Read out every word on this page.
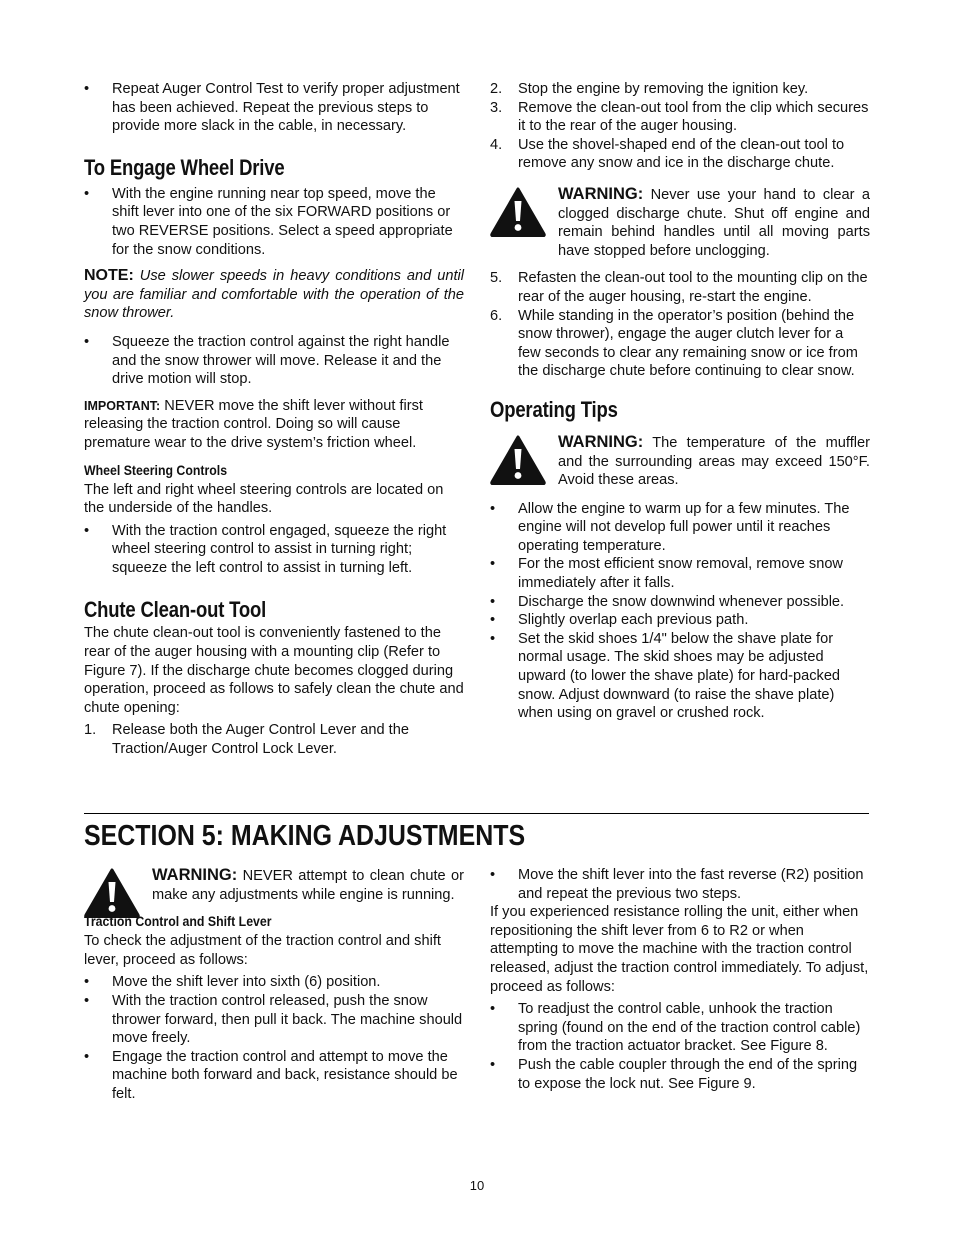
• Repeat Auger Control Test to verify proper adjustment has been achieved. Repeat the previous steps to provide more slack in the cable, in necessary.
To Engage Wheel Drive
• With the engine running near top speed, move the shift lever into one of the six FORWARD positions or two REVERSE positions. Select a speed appropriate for the snow conditions.

NOTE: Use slower speeds in heavy conditions and until you are familiar and comfortable with the operation of the snow thrower.

• Squeeze the traction control against the right handle and the snow thrower will move. Release it and the drive motion will stop.

IMPORTANT: NEVER move the shift lever without first releasing the traction control. Doing so will cause premature wear to the drive system’s friction wheel.

Wheel Steering Controls

The left and right wheel steering controls are located on the underside of the handles.

• With the traction control engaged, squeeze the right wheel steering control to assist in turning right; squeeze the left control to assist in turning left.
Chute Clean-out Tool

The chute clean-out tool is conveniently fastened to the rear of the auger housing with a mounting clip (Refer to Figure 7). If the discharge chute becomes clogged during operation, proceed as follows to safely clean the chute and chute opening:

1. Release both the Auger Control Lever and the Traction/Auger Control Lock Lever.
2. Stop the engine by removing the ignition key.
3. Remove the clean-out tool from the clip which secures it to the rear of the auger housing.
4. Use the shovel-shaped end of the clean-out tool to remove any snow and ice in the discharge chute.
WARNING: Never use your hand to clear a clogged discharge chute. Shut off engine and remain behind handles until all moving parts have stopped before unclogging.
5. Refasten the clean-out tool to the mounting clip on the rear of the auger housing, re-start the engine.
6. While standing in the operator’s position (behind the snow thrower), engage the auger clutch lever for a few seconds to clear any remaining snow or ice from the discharge chute before continuing to clear snow.
Operating Tips
WARNING: The temperature of the muffler and the surrounding areas may exceed 150°F. Avoid these areas.
• Allow the engine to warm up for a few minutes. The engine will not develop full power until it reaches operating temperature.
• For the most efficient snow removal, remove snow immediately after it falls.
• Discharge the snow downwind whenever possible.
• Slightly overlap each previous path.
• Set the skid shoes 1/4" below the shave plate for normal usage. The skid shoes may be adjusted upward (to lower the shave plate) for hard-packed snow. Adjust downward (to raise the shave plate) when using on gravel or crushed rock.
SECTION 5: MAKING ADJUSTMENTS
WARNING: NEVER attempt to clean chute or make any adjustments while engine is running.
Traction Control and Shift Lever

To check the adjustment of the traction control and shift lever, proceed as follows:

• Move the shift lever into sixth (6) position.
• With the traction control released, push the snow thrower forward, then pull it back. The machine should move freely.
• Engage the traction control and attempt to move the machine both forward and back, resistance should be felt.
• Move the shift lever into the fast reverse (R2) position and repeat the previous two steps.

If you experienced resistance rolling the unit, either when repositioning the shift lever from 6 to R2 or when attempting to move the machine with the traction control released, adjust the traction control immediately. To adjust, proceed as follows:

• To readjust the control cable, unhook the traction spring (found on the end of the traction control cable) from the traction actuator bracket. See Figure 8.
• Push the cable coupler through the end of the spring to expose the lock nut. See Figure 9.
10
